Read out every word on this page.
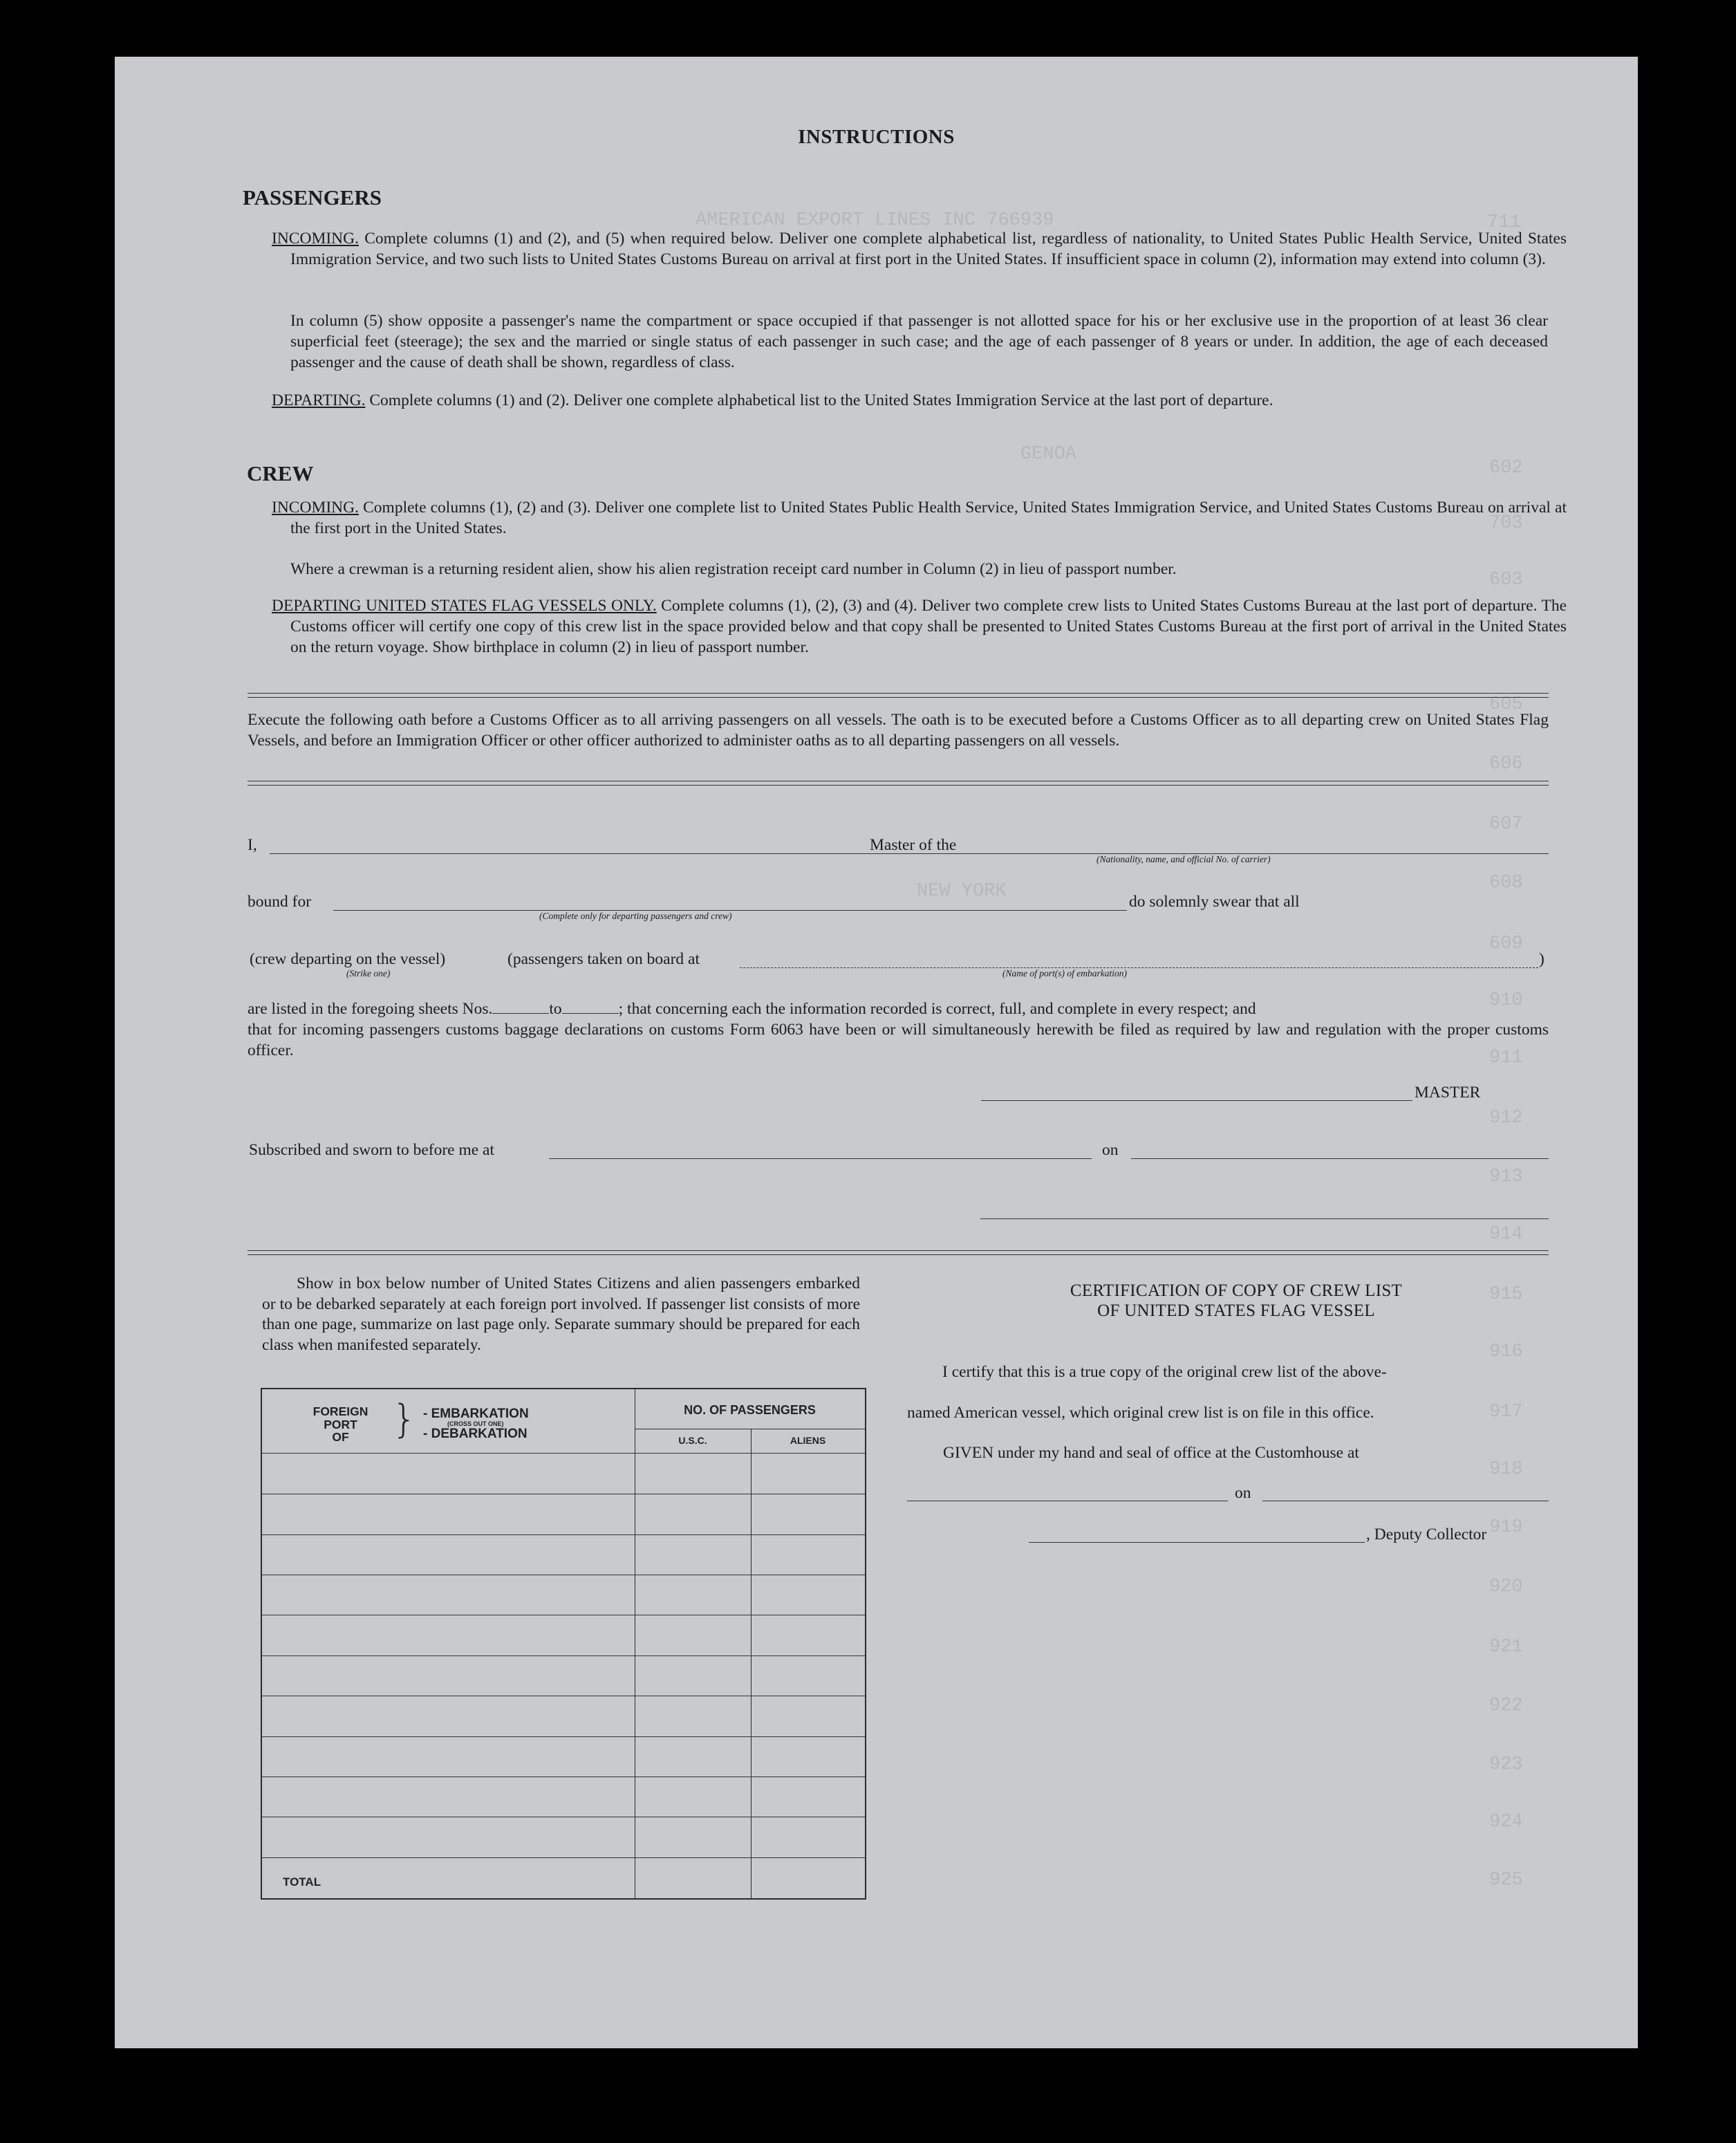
711
602
703
603
605
606
607
608
609
910
911
912
913
914
915
916
917
918
919
920
921
922
923
924
925
AMERICAN EXPORT LINES INC 766939
GENOA
NEW YORK
INSTRUCTIONS
PASSENGERS
INCOMING. Complete columns (1) and (2), and (5) when required below. Deliver one complete alphabetical list, regardless of nationality, to United States Public Health Service, United States Immigration Service, and two such lists to United States Customs Bureau on arrival at first port in the United States. If insufficient space in column (2), information may extend into column (3).
In column (5) show opposite a passenger's name the compartment or space occupied if that passenger is not allotted space for his or her exclusive use in the proportion of at least 36 clear superficial feet (steerage); the sex and the married or single status of each passenger in such case; and the age of each passenger of 8 years or under. In addition, the age of each deceased passenger and the cause of death shall be shown, regardless of class.
DEPARTING. Complete columns (1) and (2). Deliver one complete alphabetical list to the United States Immigration Service at the last port of departure.
CREW
INCOMING. Complete columns (1), (2) and (3). Deliver one complete list to United States Public Health Service, United States Immigration Service, and United States Customs Bureau on arrival at the first port in the United States.
Where a crewman is a returning resident alien, show his alien registration receipt card number in Column (2) in lieu of passport number.
DEPARTING UNITED STATES FLAG VESSELS ONLY. Complete columns (1), (2), (3) and (4). Deliver two complete crew lists to United States Customs Bureau at the last port of departure. The Customs officer will certify one copy of this crew list in the space provided below and that copy shall be presented to United States Customs Bureau at the first port of arrival in the United States on the return voyage. Show birthplace in column (2) in lieu of passport number.
Execute the following oath before a Customs Officer as to all arriving passengers on all vessels. The oath is to be executed before a Customs Officer as to all departing crew on United States Flag Vessels, and before an Immigration Officer or other officer authorized to administer oaths as to all departing passengers on all vessels.
I,	Master of the
(Nationality, name, and official No. of carrier)
bound for
(Complete only for departing passengers and crew)
do solemnly swear that all
(crew departing on the vessel)	(passengers taken on board at	)
(Strike one)	(Name of port(s) of embarkation)
are listed in the foregoing sheets Nos.	to	; that concerning each the information recorded is correct, full, and complete in every respect; and
that for incoming passengers customs baggage declarations on customs Form 6063 have been or will simultaneously herewith be filed as required by law and regulation with the proper customs officer.
MASTER
Subscribed and sworn to before me at	on
Show in box below number of United States Citizens and alien passengers embarked or to be debarked separately at each foreign port involved. If passenger list consists of more than one page, summarize on last page only. Separate summary should be prepared for each class when manifested separately.
FOREIGN
PORT
OF	} - EMBARKATION
(CROSS OUT ONE)
- DEBARKATION
NO. OF PASSENGERS
U.S.C.	ALIENS
TOTAL
CERTIFICATION OF COPY OF CREW LIST
OF UNITED STATES FLAG VESSEL
I certify that this is a true copy of the original crew list of the above-
named American vessel, which original crew list is on file in this office.
GIVEN under my hand and seal of office at the Customhouse at
on
, Deputy Collector
